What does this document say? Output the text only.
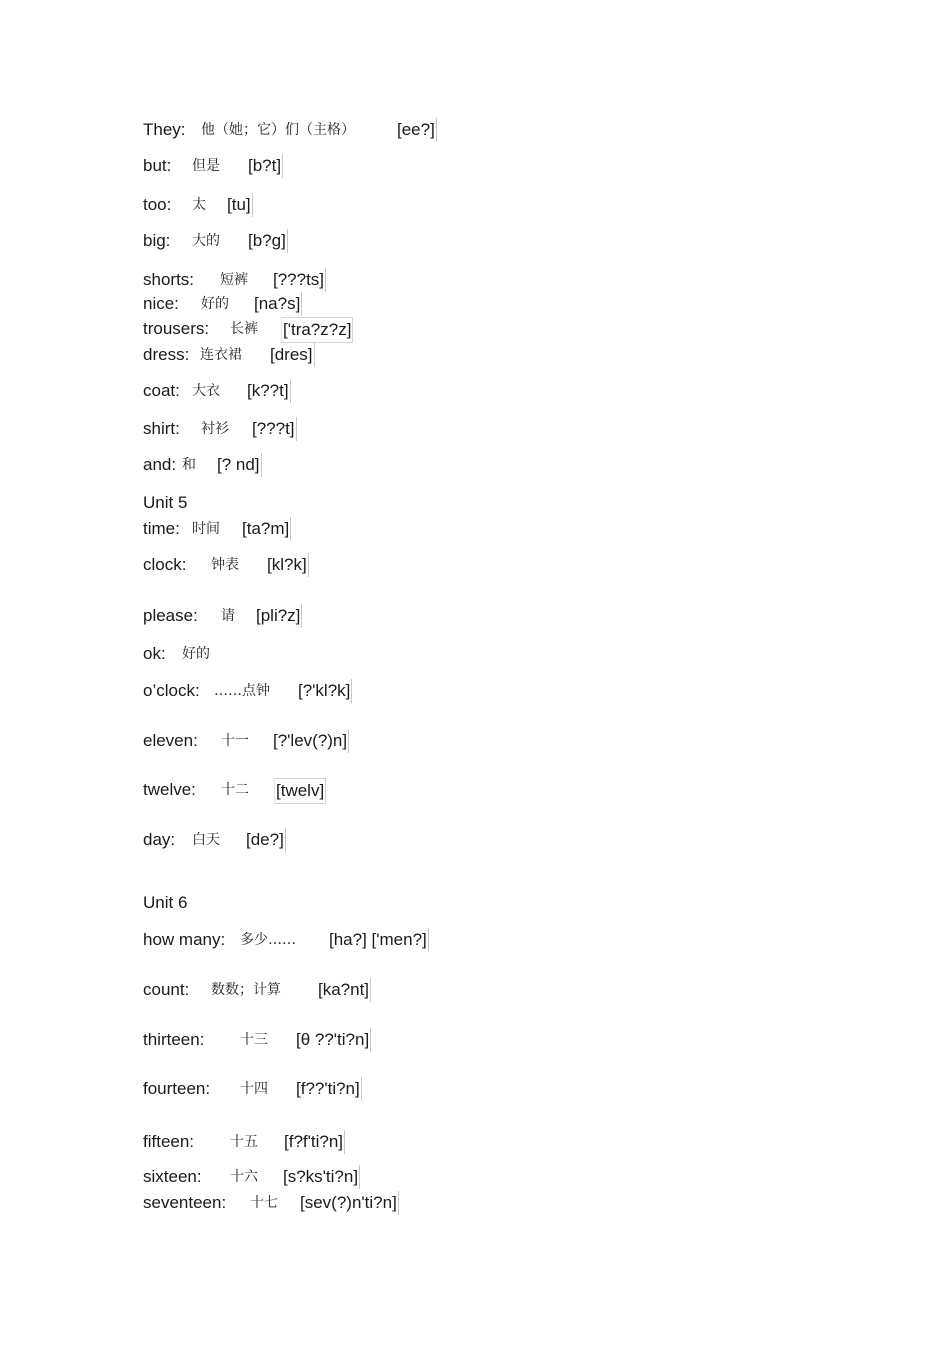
They: 他（她；它）们（主格） [ee?]
but: 但是 [b?t]
too: 太 [tu]
big: 大的 [b?g]
shorts: 短裤 [???ts]
nice: 好的 [na?s]
trousers: 长裤 ['tra?z?z]
dress: 连衣裙 [dres]
coat: 大衣 [k??t]
shirt: 衬衫 [???t]
and: 和 [? nd]
Unit 5
time: 时间 [ta?m]
clock: 钟表 [kl?k]
please: 请 [pli?z]
ok: 好的
o’clock: ……点钟 [?'kl?k]
eleven: 十一 [?'lev(?)n]
twelve: 十二 [twelv]
day: 白天 [de?]
Unit 6
how many: 多少…… [ha?] ['men?]
count: 数数；计算 [ka?nt]
thirteen:	十三 [θ ??'ti?n]
fourteen: 十四 [f??'ti?n]
fifteen:	十五 [f?f'ti?n]
sixteen: 十六 [s?ks'ti?n]
seventeen: 十七 [sev(?)n'ti?n]
